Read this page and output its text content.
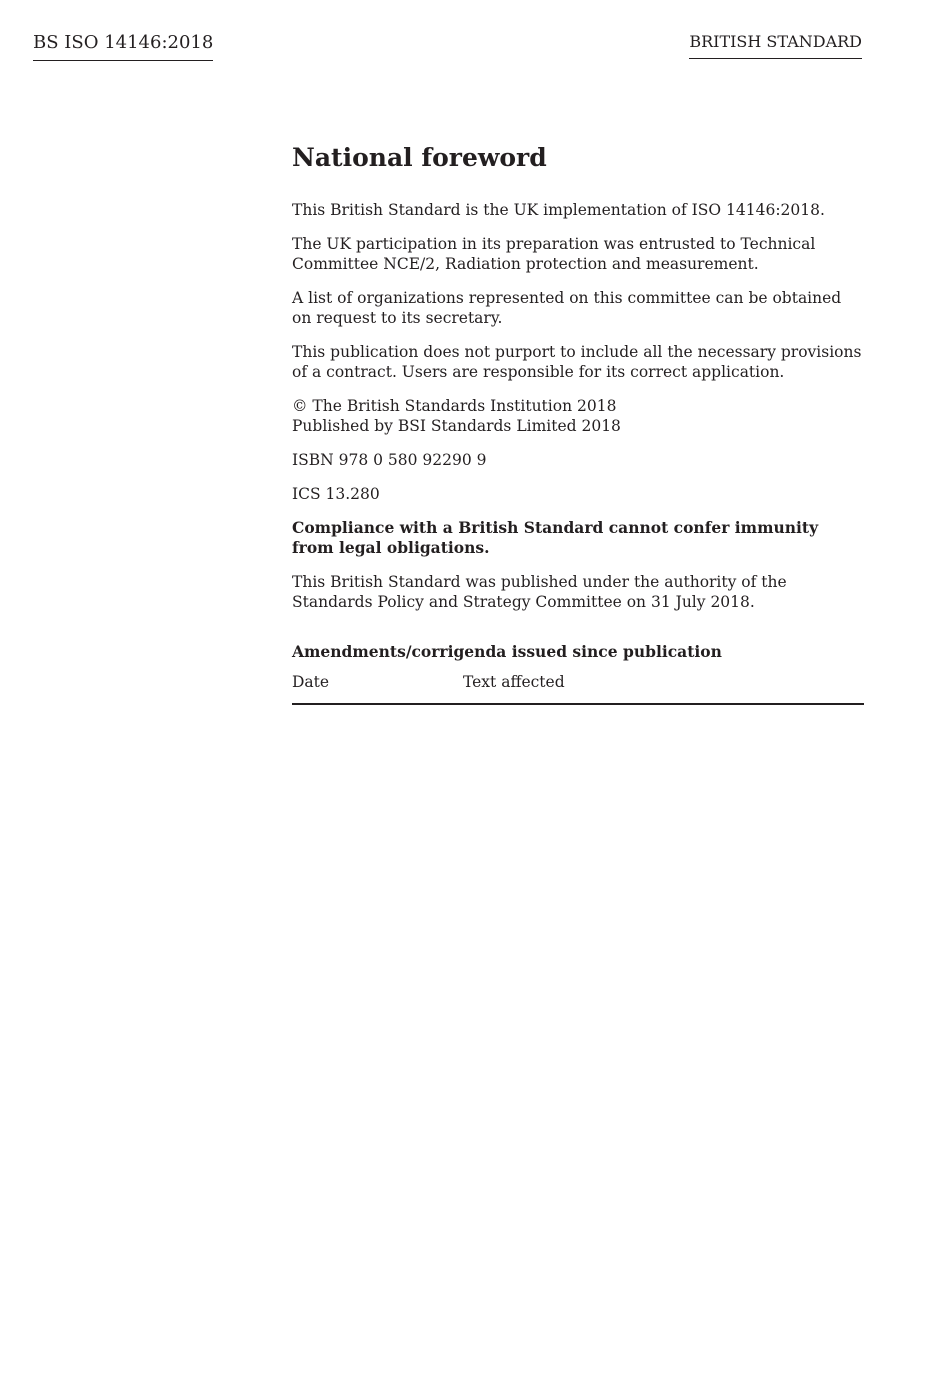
BS ISO 14146:2018	BRITISH STANDARD
National foreword

This British Standard is the UK implementation of ISO 14146:2018.

The UK participation in its preparation was entrusted to Technical Committee NCE/2, Radiation protection and measurement.

A list of organizations represented on this committee can be obtained on request to its secretary.

This publication does not purport to include all the necessary provisions of a contract. Users are responsible for its correct application.

© The British Standards Institution 2018
Published by BSI Standards Limited 2018

ISBN 978 0 580 92290 9

ICS 13.280

Compliance with a British Standard cannot confer immunity from legal obligations.

This British Standard was published under the authority of the Standards Policy and Strategy Committee on 31 July 2018.

Amendments/corrigenda issued since publication
Date	Text affected
